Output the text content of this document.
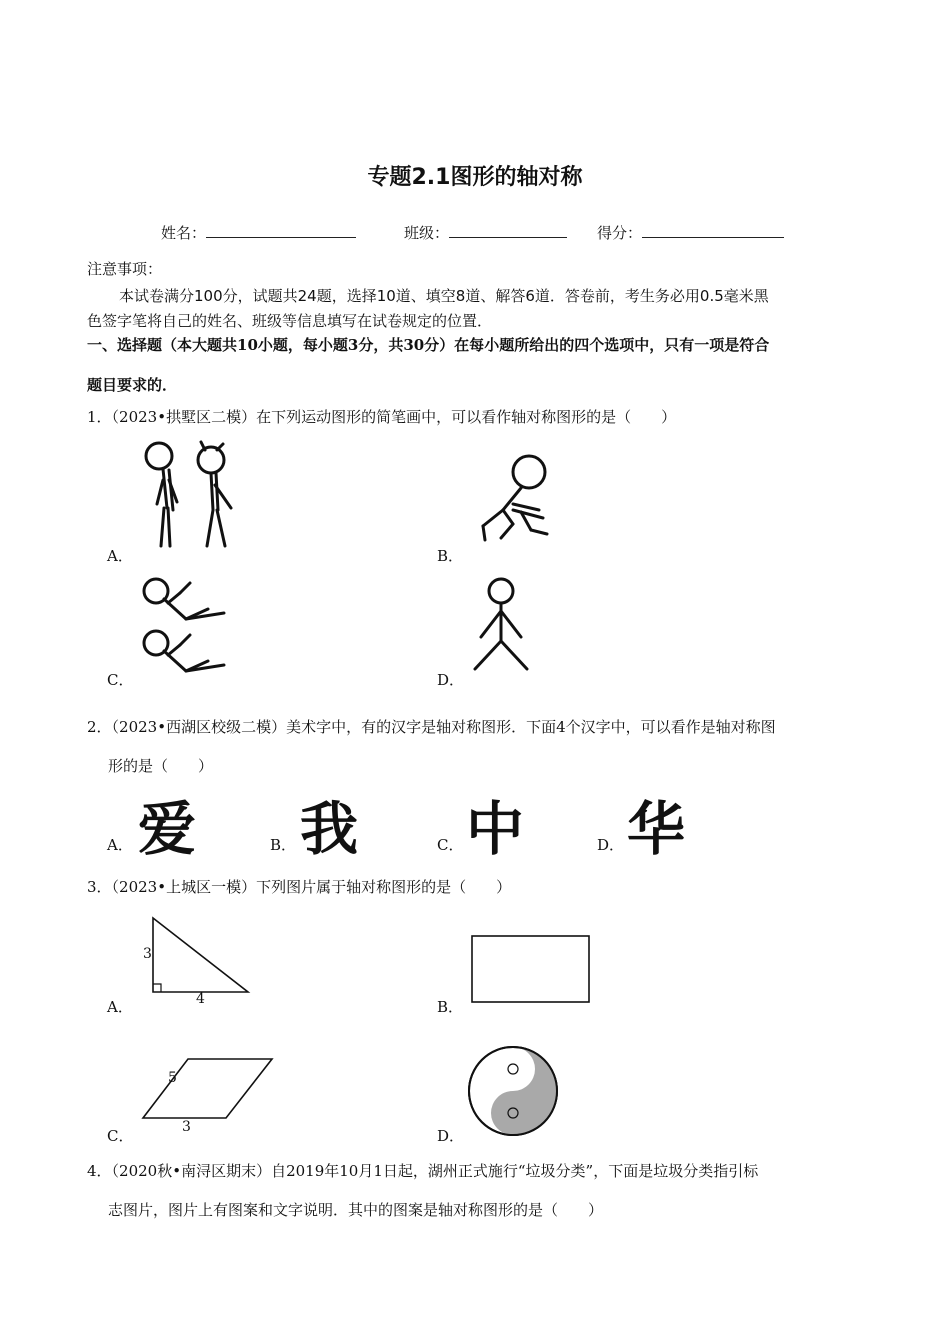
专题2.1图形的轴对称
姓名：	班级：	得分：
注意事项：
本试卷满分100分，试题共24题，选择10道、填空8道、解答6道．答卷前，考生务必用0.5毫米黑
色签字笔将自己的姓名、班级等信息填写在试卷规定的位置．
一、选择题（本大题共10小题，每小题3分，共30分）在每小题所给出的四个选项中，只有一项是符合
题目要求的．
1．（2023•拱墅区二模）在下列运动图形的简笔画中，可以看作轴对称图形的是（　　）
A．	B．
C．	D．
2．（2023•西湖区校级二模）美术字中，有的汉字是轴对称图形．下面4个汉字中，可以看作是轴对称图
形的是（　　）
爱
A．	我
B．	中
C．	华
D．
3．（2023•上城区一模）下列图片属于轴对称图形的是（　　）
3
4
A．	B．
5
3
C．	D．
4．（2020秋•南浔区期末）自2019年10月1日起，湖州正式施行“垃圾分类”，下面是垃圾分类指引标
志图片，图片上有图案和文字说明．其中的图案是轴对称图形的是（　　）
